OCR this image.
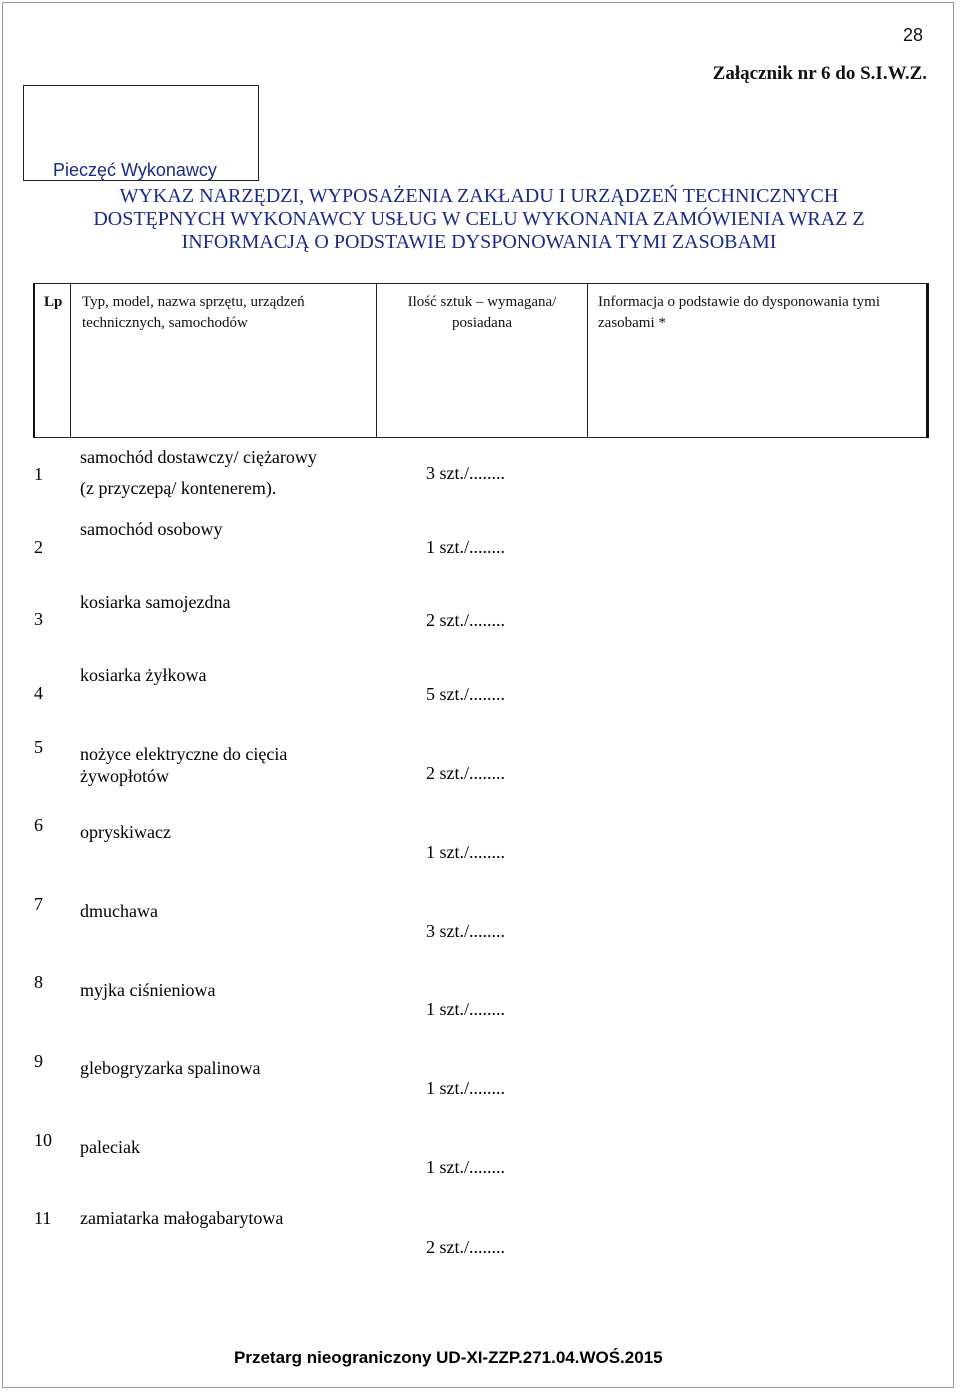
28
Załącznik nr 6 do S.I.W.Z.
Pieczęć Wykonawcy
WYKAZ NARZĘDZI, WYPOSAŻENIA ZAKŁADU I URZĄDZEŃ TECHNICZNYCH
DOSTĘPNYCH WYKONAWCY USŁUG W CELU WYKONANIA ZAMÓWIENIA WRAZ Z
INFORMACJĄ O PODSTAWIE DYSPONOWANIA TYMI ZASOBAMI
Lp Typ, model, nazwa sprzętu, urządzeń technicznych, samochodów
Ilość sztuk – wymagana/ posiadana
Informacja o podstawie do dysponowania tymi zasobami *
1
samochód dostawczy/ ciężarowy
(z przyczepą/ kontenerem).
3 szt./........
2
samochód osobowy
1 szt./........
3
kosiarka samojezdna
2 szt./........
4
kosiarka żyłkowa
5 szt./........
5 nożyce elektryczne do cięcia
żywopłotów	2 szt./........
6 opryskiwacz
1 szt./........
7 dmuchawa
3 szt./........
8 myjka ciśnieniowa
1 szt./........
9 glebogryzarka spalinowa
1 szt./........
10 paleciak
1 szt./........
11 zamiatarka małogabarytowa
2 szt./........
Przetarg nieograniczony UD-XI-ZZP.271.04.WOŚ.2015
